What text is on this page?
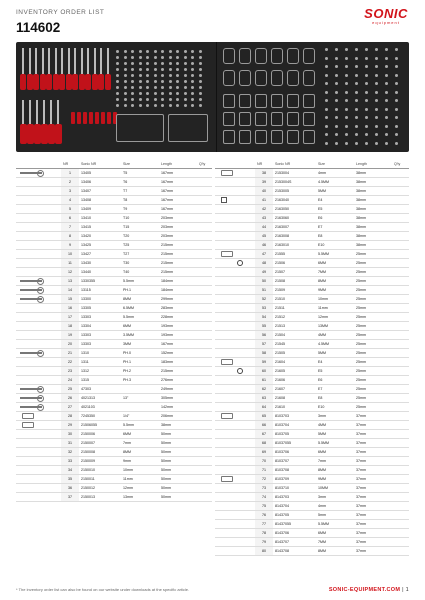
INVENTORY ORDER LIST
114602
SONIC
equipment
	NR	Sonic NR	Size	Length	Q'ty

	1	13405	T5	167mm	

	2	13406	T6	167mm	

	3	13407	T7	167mm	

	4	13408	T8	167mm	

	5	13409	T9	167mm	

	6	13410	T10	203mm	

	7	13415	T15	203mm	

	8	13420	T20	203mm	

	9	13425	T25	215mm	

	10	13427	T27	215mm	

	11	13430	T30	215mm	

	12	13440	T40	215mm	

	13	1330355	5.5mm	184mm	

	14	13115	PH.1	184mm	

	15	13300	8MM	299mm	

	16	13305	6.5MM	283mm	

	17	13303	5.5mm	228mm	

	18	13304	6MM	193mm	

	19	13303	3.5MM	193mm	

	20	13303	3MM	167mm	

	21	1310	PH.0	152mm	

	22	1311	PH.1	183mm	

	23	1312	PH.2	215mm	

	24	1315	PH.3	276mm	

	25	47303		249mm	

	26	4021313	13"	305mm	

	27	4021103		142mm	

	28	7245350	1/4"	206mm	

	29	21506055	5.5mm	38mm	

	30	2150006	6MM	50mm	

	31	2150007	7mm	50mm	

	32	2150008	8MM	50mm	

	33	2150009	9mm	50mm	

	34	2150010	10mm	50mm	

	35	2150011	11mm	50mm	

	36	2150012	12mm	50mm	

	37	2150013	13mm	50mm	
	NR	Sonic NR	Size	Length	Q'ty

	38	2153004	4mm	38mm	

	39	2153004S	4.5MM	38mm	

	40	2153005	5MM	38mm	

	41	2163040	E4	38mm	

	42	2163050	E5	38mm	

	43	2163060	E6	38mm	

	44	2163007	E7	38mm	

	45	2163008	E8	38mm	

	46	2163010	E10	38mm	

	47	21555	5.5MM	25mm	

	48	21506	6MM	25mm	

	49	21507	7MM	25mm	

	50	21508	8MM	25mm	

	51	21509	9MM	25mm	

	52	21510	10mm	25mm	

	53	21511	11mm	25mm	

	54	21512	12mm	25mm	

	55	21513	13MM	25mm	

	56	21504	4MM	25mm	

	57	21545	4.5MM	25mm	

	58	21505	5MM	25mm	

	59	21604	E4	25mm	

	60	21605	E5	25mm	

	61	21606	E6	25mm	

	62	21607	E7	25mm	

	63	21608	E8	25mm	

	64	21610	E10	25mm	

	65	8103703	3mm	37mm	

	66	8103704	4MM	37mm	

	67	8103705	5MM	37mm	

	68	81037055	5.5MM	37mm	

	69	8103706	6MM	37mm	

	70	8103707	7mm	37mm	

	71	8103708	8MM	37mm	

	72	8103709	9MM	37mm	

	73	8103710	10MM	37mm	

	74	8143703	3mm	37mm	

	75	8143704	4mm	37mm	

	76	8143705	5mm	37mm	

	77	81437055	5.5MM	37mm	

	78	8143706	6MM	37mm	

	79	8143707	7MM	37mm	

	80	8143708	8MM	37mm	
* The inventory order list can also be found on our website under downloads at the specific article.	SONIC-EQUIPMENT.COM | 1
